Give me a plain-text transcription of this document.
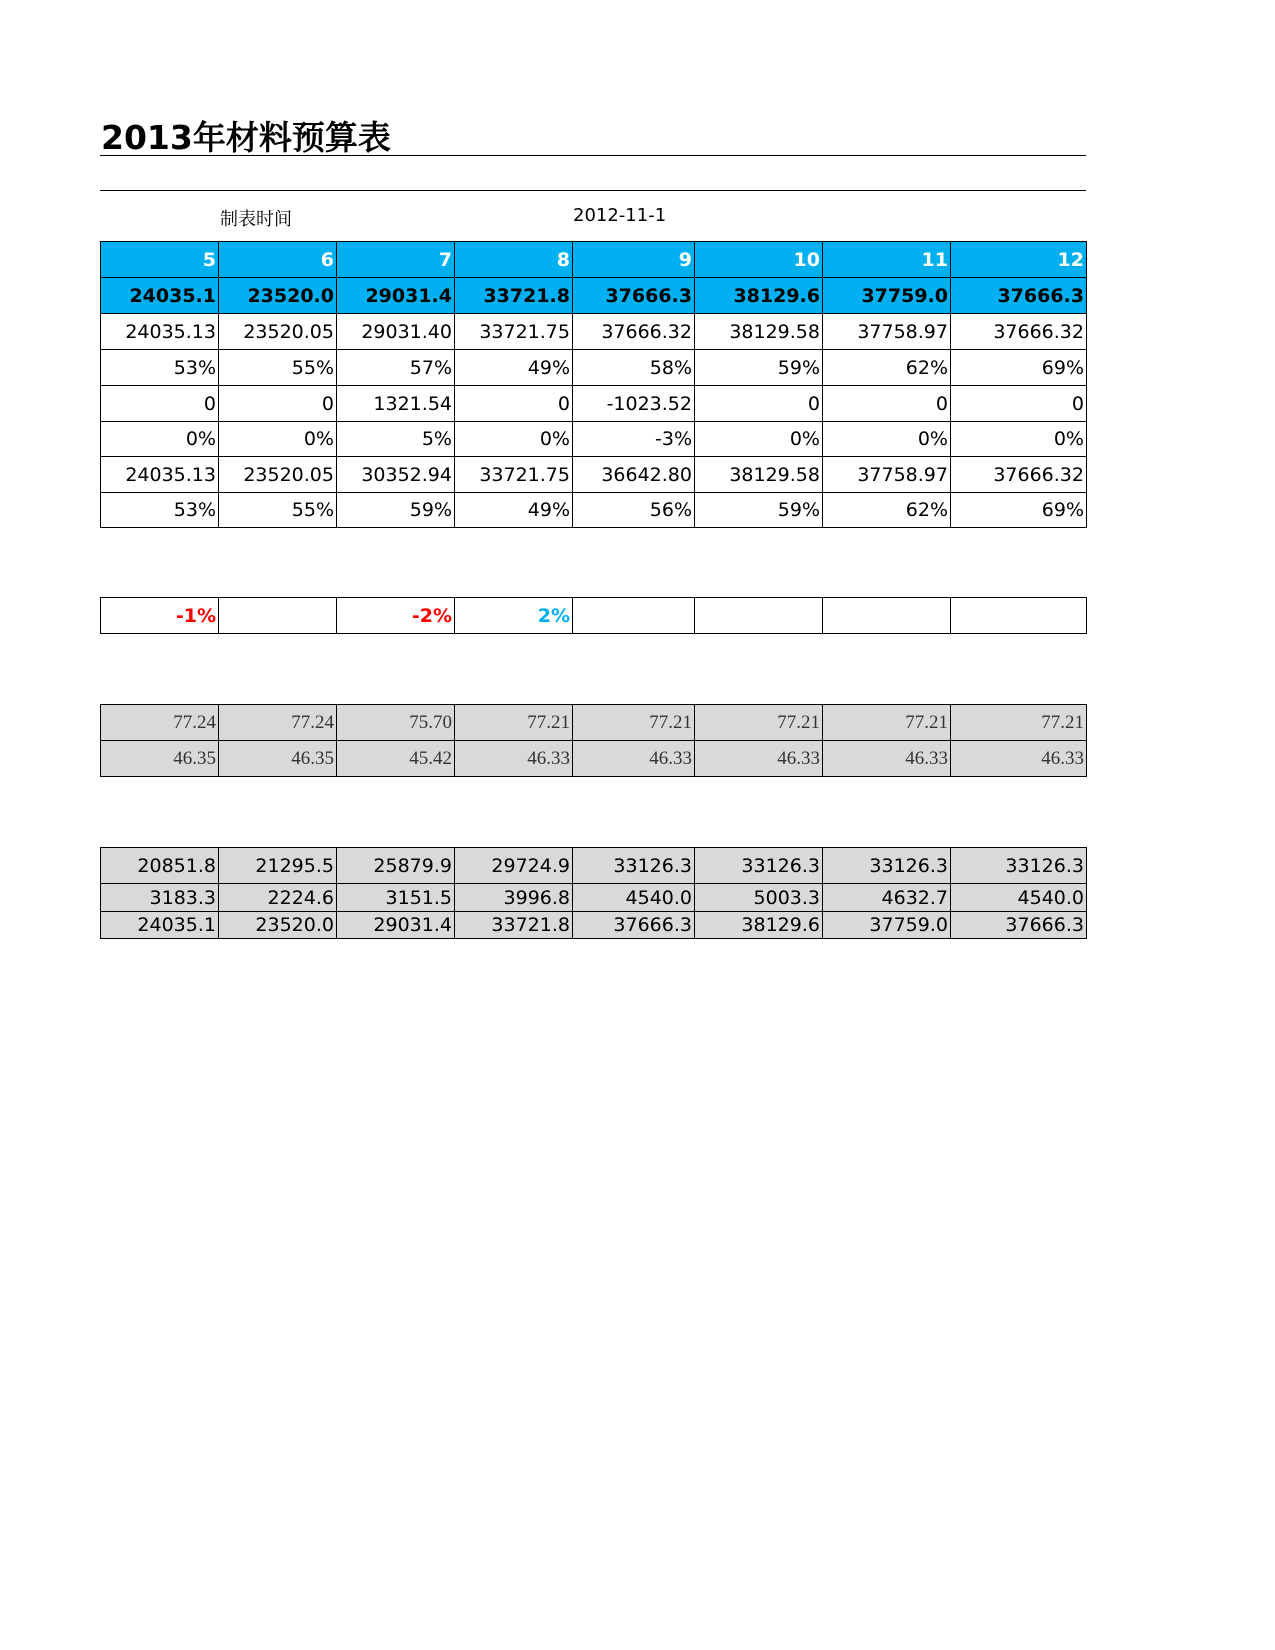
2013年材料预算表
制表时间	2012-11-1
5	6	7	8	9	10	11	12
24035.1	23520.0	29031.4	33721.8	37666.3	38129.6	37759.0	37666.3
24035.13	23520.05	29031.40	33721.75	37666.32	38129.58	37758.97	37666.32
53%	55%	57%	49%	58%	59%	62%	69%
0	0	1321.54	0	-1023.52	0	0	0
0%	0%	5%	0%	-3%	0%	0%	0%
24035.13	23520.05	30352.94	33721.75	36642.80	38129.58	37758.97	37666.32
53%	55%	59%	49%	56%	59%	62%	69%
-1%		-2%	2%				
77.24	77.24	75.70	77.21	77.21	77.21	77.21	77.21
46.35	46.35	45.42	46.33	46.33	46.33	46.33	46.33
20851.8	21295.5	25879.9	29724.9	33126.3	33126.3	33126.3	33126.3
3183.3	2224.6	3151.5	3996.8	4540.0	5003.3	4632.7	4540.0
24035.1	23520.0	29031.4	33721.8	37666.3	38129.6	37759.0	37666.3
